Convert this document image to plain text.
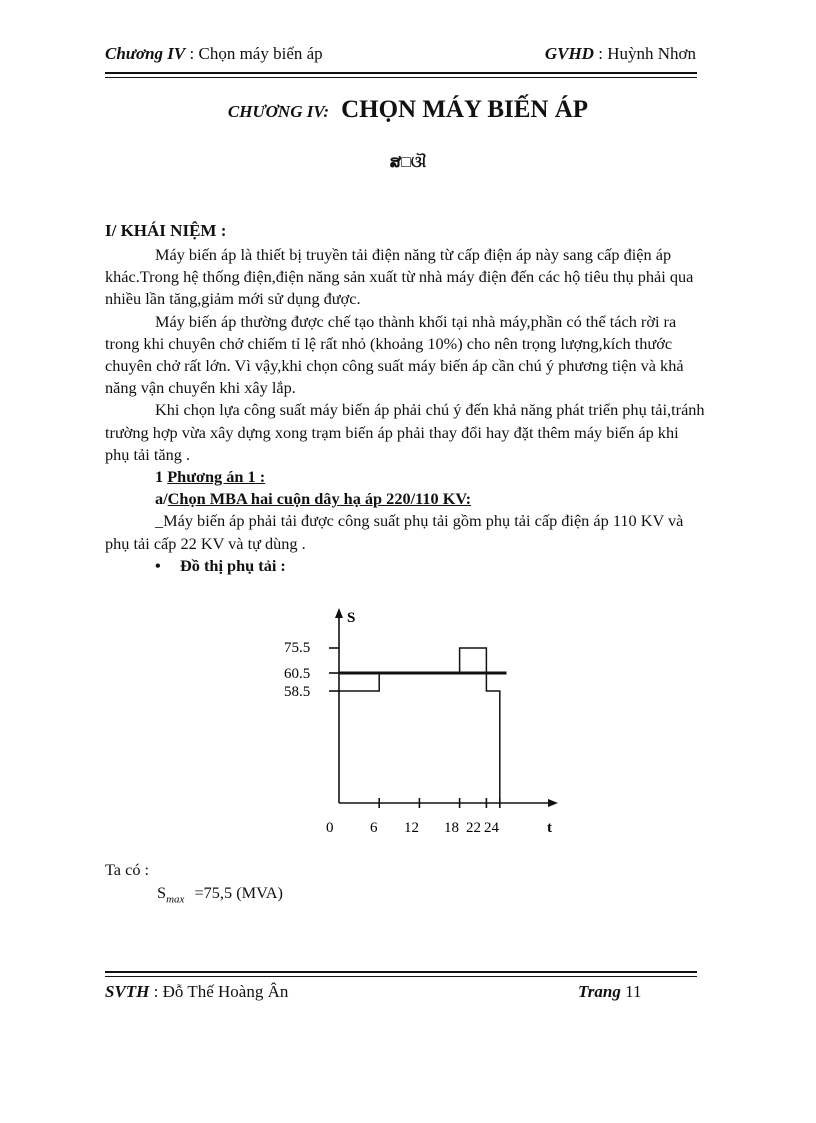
Chương IV : Chọn máy biến áp	GVHD : Huỳnh Nhơn
CHƯƠNG IV: CHỌN MÁY BIẾN ÁP
ສ□ଔ
I/ KHÁI NIỆM :

Máy biến áp là thiết bị truyền tải điện năng từ cấp điện áp này sang cấp điện áp khác.Trong hệ thống điện,điện năng sản xuất từ nhà máy điện đến các hộ tiêu thụ phải qua nhiều lần tăng,giảm mới sử dụng được.

Máy biến áp thường được chế tạo thành khối tại nhà máy,phần có thể tách rời ra trong khi chuyên chở chiếm tỉ lệ rất nhỏ (khoảng 10%) cho nên trọng lượng,kích thước chuyên chở rất lớn. Vì vậy,khi chọn công suất máy biến áp cần chú ý phương tiện và khả năng vận chuyển khi xây lắp.

Khi chọn lựa công suất máy biến áp phải chú ý đến khả năng phát triển phụ tải,tránh trường hợp vừa xây dựng xong trạm biến áp phải thay đổi hay đặt thêm máy biến áp khi phụ tải tăng .

1 Phương án 1 :

a/Chọn MBA hai cuộn dây hạ áp 220/110 KV:

_Máy biến áp phải tải được công suất phụ tải gồm phụ tải cấp điện áp 110 KV và phụ tải cấp 22 KV và tự dùng .

• Đồ thị phụ tải :

S
t
0 6 12 18 22 24
58.5
60.5
75.5
Ta có :
$S_{max} =75,5$ (MVA)
SVTH : Đỗ Thế Hoàng Ân	Trang 11
